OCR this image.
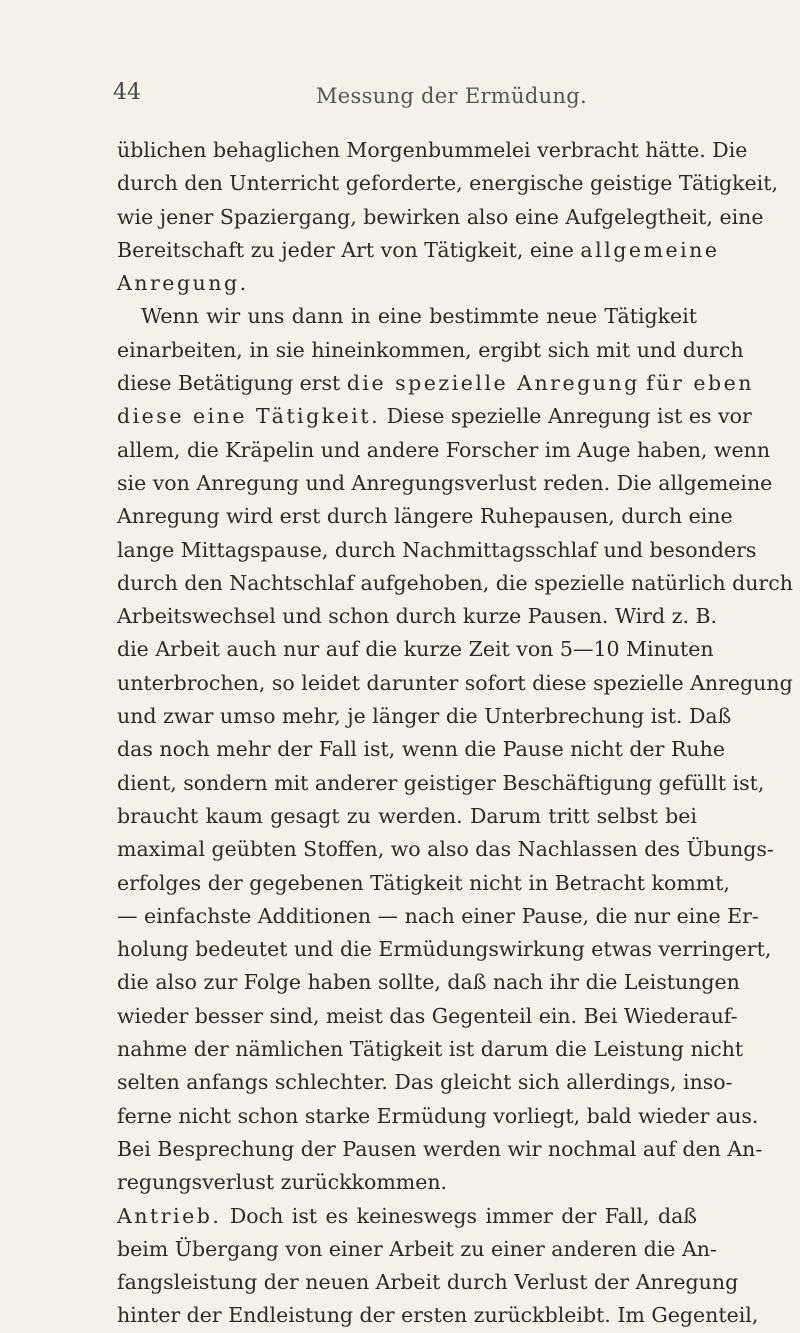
44	Messung der Ermüdung.
üblichen behaglichen Morgenbummelei verbracht hätte. Die
durch den Unterricht geforderte, energische geistige Tätigkeit,
wie jener Spaziergang, bewirken also eine Aufgelegtheit, eine
Bereitschaft zu jeder Art von Tätigkeit, eine allgemeine
Anregung.
Wenn wir uns dann in eine bestimmte neue Tätigkeit
einarbeiten, in sie hineinkommen, ergibt sich mit und durch
diese Betätigung erst die spezielle Anregung für eben
diese eine Tätigkeit. Diese spezielle Anregung ist es vor
allem, die Kräpelin und andere Forscher im Auge haben, wenn
sie von Anregung und Anregungsverlust reden. Die allgemeine
Anregung wird erst durch längere Ruhepausen, durch eine
lange Mittagspause, durch Nachmittagsschlaf und besonders
durch den Nachtschlaf aufgehoben, die spezielle natürlich durch
Arbeitswechsel und schon durch kurze Pausen. Wird z. B.
die Arbeit auch nur auf die kurze Zeit von 5—10 Minuten
unterbrochen, so leidet darunter sofort diese spezielle Anregung
und zwar umso mehr, je länger die Unterbrechung ist. Daß
das noch mehr der Fall ist, wenn die Pause nicht der Ruhe
dient, sondern mit anderer geistiger Beschäftigung gefüllt ist,
braucht kaum gesagt zu werden. Darum tritt selbst bei
maximal geübten Stoffen, wo also das Nachlassen des Übungs-
erfolges der gegebenen Tätigkeit nicht in Betracht kommt,
— einfachste Additionen — nach einer Pause, die nur eine Er-
holung bedeutet und die Ermüdungswirkung etwas verringert,
die also zur Folge haben sollte, daß nach ihr die Leistungen
wieder besser sind, meist das Gegenteil ein. Bei Wiederauf-
nahme der nämlichen Tätigkeit ist darum die Leistung nicht
selten anfangs schlechter. Das gleicht sich allerdings, inso-
ferne nicht schon starke Ermüdung vorliegt, bald wieder aus.
Bei Besprechung der Pausen werden wir nochmal auf den An-
regungsverlust zurückkommen.
Antrieb. Doch ist es keineswegs immer der Fall, daß
beim Übergang von einer Arbeit zu einer anderen die An-
fangsleistung der neuen Arbeit durch Verlust der Anregung
hinter der Endleistung der ersten zurückbleibt. Im Gegenteil,
